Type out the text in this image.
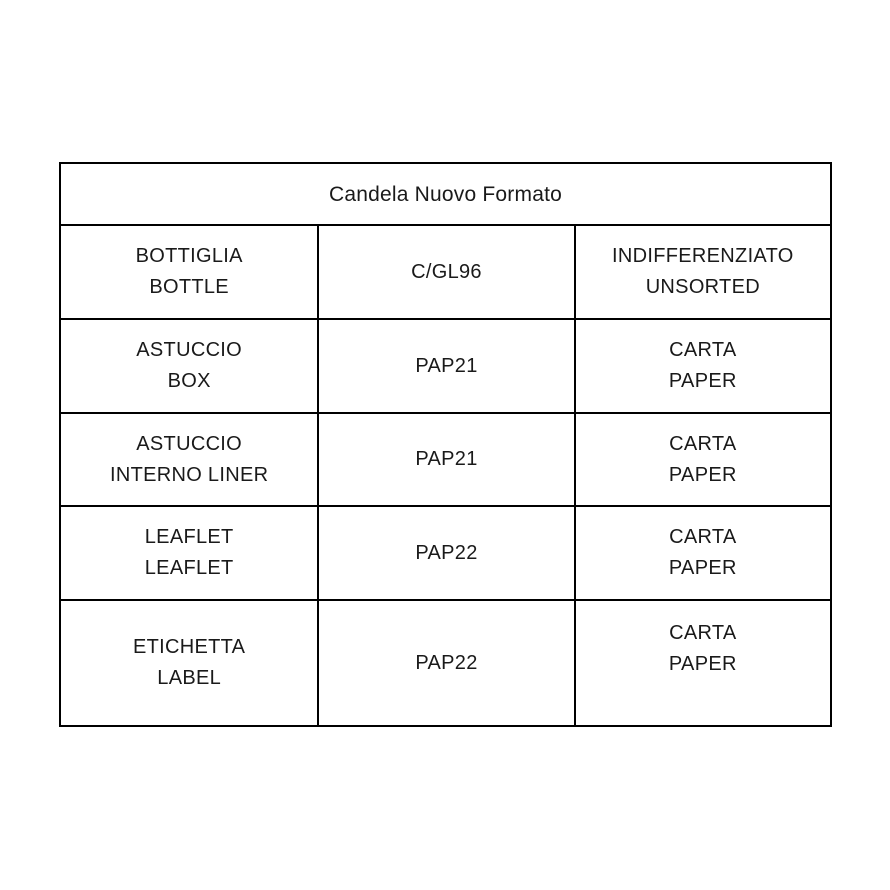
Candela Nuovo Formato
BOTTIGLIA
BOTTLE
C/GL96
INDIFFERENZIATO
UNSORTED
ASTUCCIO
BOX
PAP21
CARTA
PAPER
ASTUCCIO
INTERNO LINER
PAP21
CARTA
PAPER
LEAFLET
LEAFLET
PAP22
CARTA
PAPER
ETICHETTA
LABEL
PAP22
CARTA
PAPER
